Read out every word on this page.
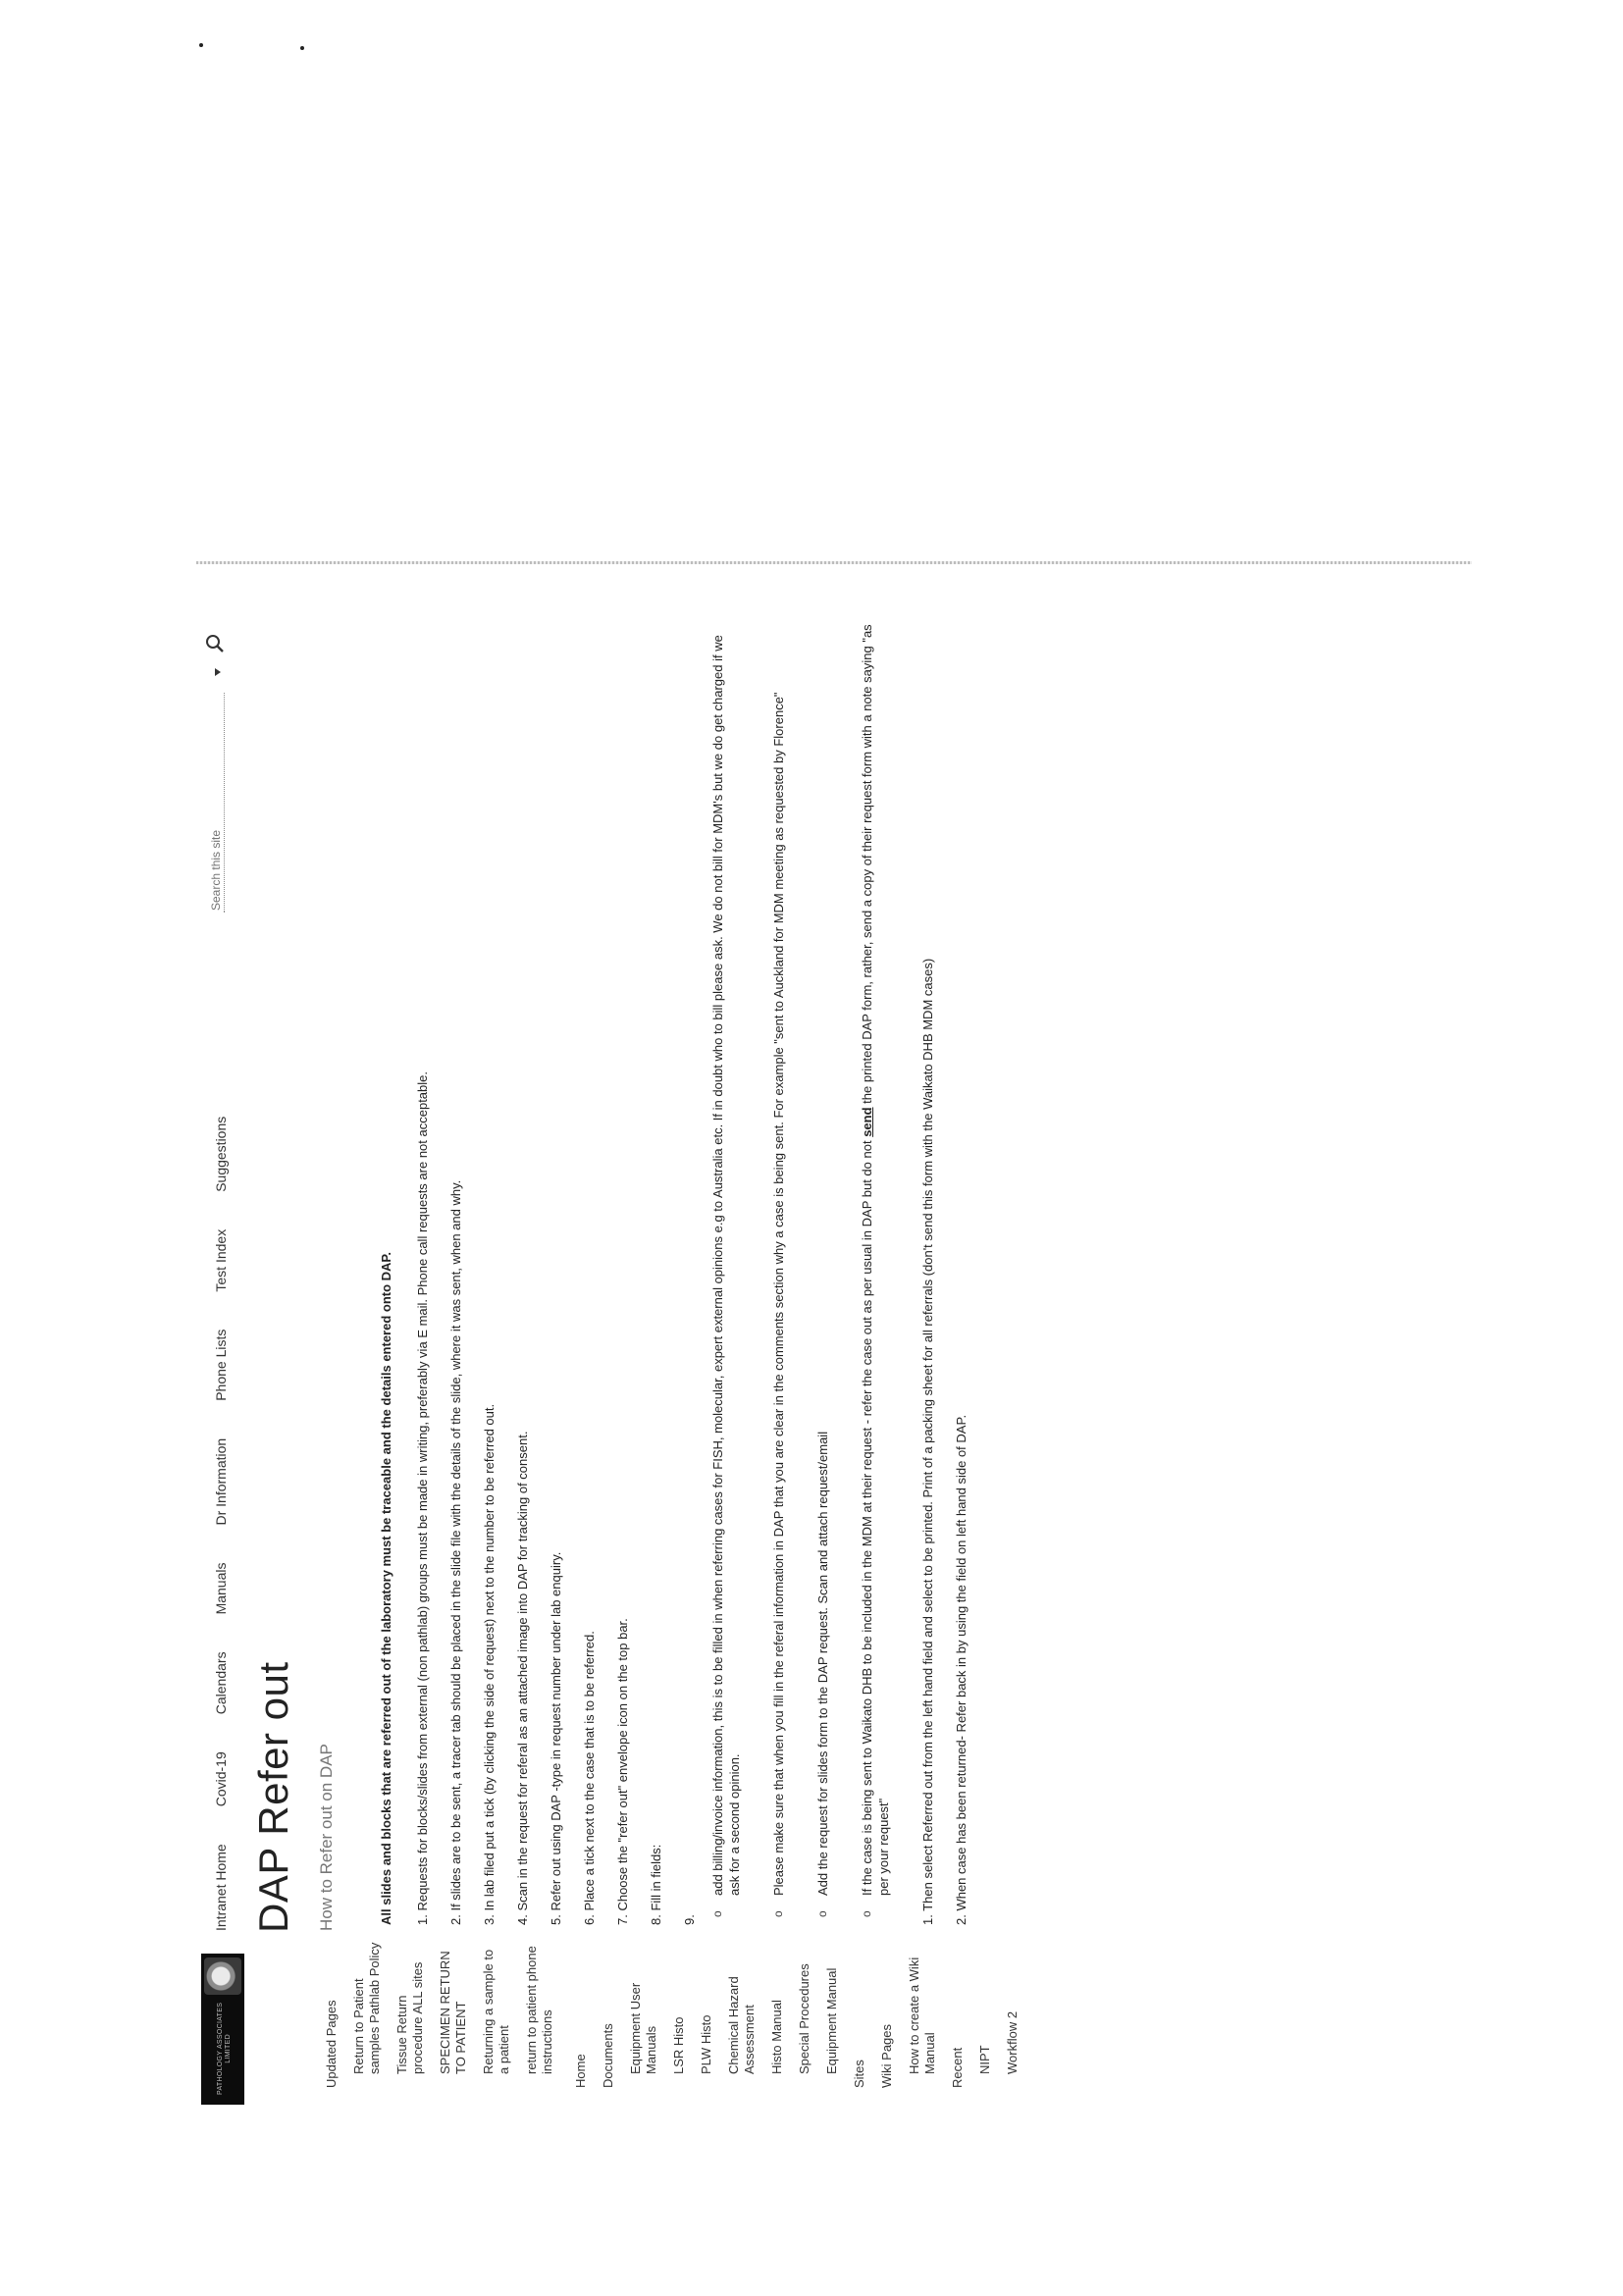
PATHOLOGY ASSOCIATES LIMITED
Intranet Home
Covid-19
Calendars
Manuals
Dr Information
Phone Lists
Test Index
Suggestions
Search this site
DAP Refer out How to Refer out on DAP
Updated Pages Return to Patient samples Pathlab Policy Tissue Return procedure ALL sites SPECIMEN RETURN TO PATIENT Returning a sample to a patient return to patient phone instructions Home Documents Equipment User Manuals LSR Histo PLW Histo Chemical Hazard Assessment Histo Manual Special Procedures Equipment Manual Sites Wiki Pages How to create a Wiki Manual Recent NIPT Workflow 2
All slides and blocks that are referred out of the laboratory must be traceable and the details entered onto DAP. 1. Requests for blocks/slides from external (non pathlab) groups must be made in writing, preferably via E mail. Phone call requests are not acceptable. 2. If slides are to be sent, a tracer tab should be placed in the slide file with the details of the slide, where it was sent, when and why. 3. In lab filed put a tick (by clicking the side of request) next to the number to be referred out. 4. Scan in the request for referal as an attached image into DAP for tracking of consent. 5. Refer out using DAP -type in request number under lab enquiry. 6. Place a tick next to the case that is to be referred. 7. Choose the "refer out" envelope icon on the top bar. 8. Fill in fields: 9.
o add billing/invoice information, this is to be filled in when referring cases for FISH, molecular, expert external opinions e.g to Australia etc. If in doubt who to bill please ask. We do not bill for MDM's but we do get charged if we ask for a second opinion. o Please make sure that when you fill in the referal information in DAP that you are clear in the comments section why a case is being sent. For example "sent to Auckland for MDM meeting as requested by Florence" o Add the request for slides form to the DAP request. Scan and attach request/email o If the case is being sent to Waikato DHB to be included in the MDM at their request - refer the case out as per usual in DAP but do not send the printed DAP form, rather, send a copy of their request form with a note saying "as per your request" 1. Then select Referred out from the left hand field and select to be printed. Print of a packing sheet for all referrals (don't send this form with the Waikato DHB MDM cases) 2. When case has been returned- Refer back in by using the field on left hand side of DAP.
